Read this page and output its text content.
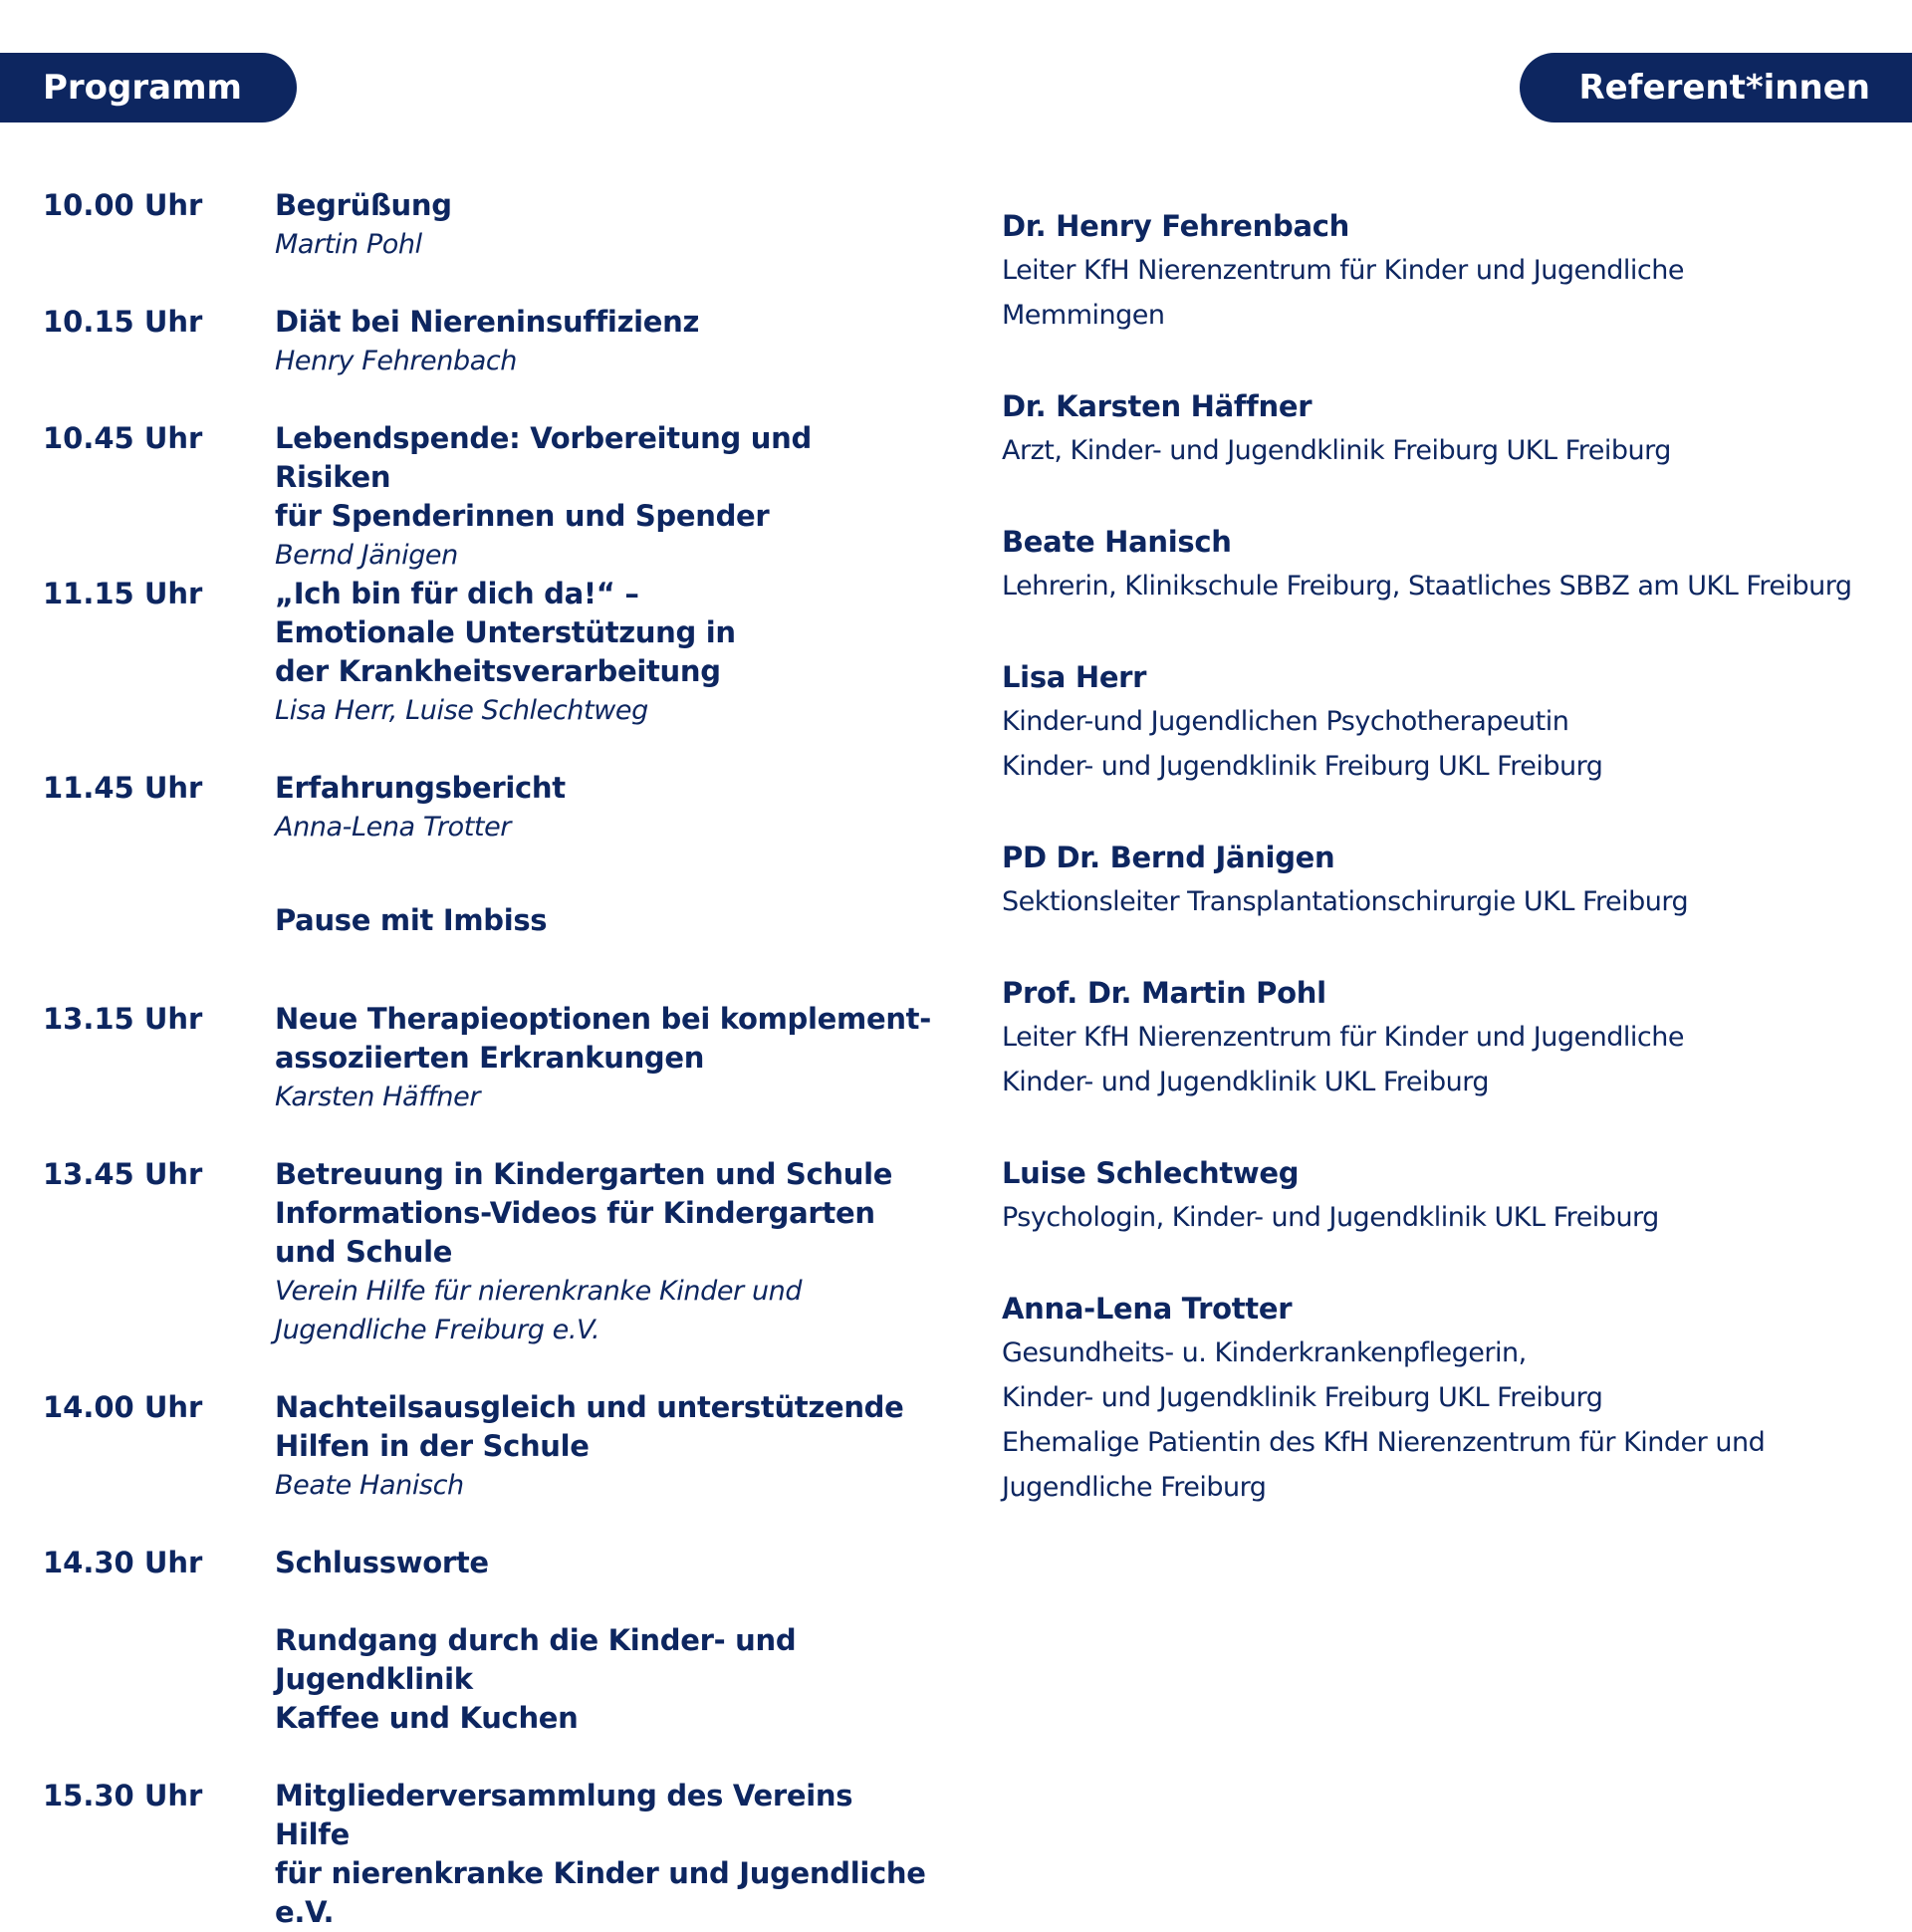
Programm	Referent*innen
10.00 Uhr	Begrüßung
Martin Pohl
10.15 Uhr	Diät bei Niereninsuffizienz
Henry Fehrenbach
10.45 Uhr	Lebendspende: Vorbereitung und Risiken
für Spenderinnen und Spender
Bernd Jänigen
11.15 Uhr	„Ich bin für dich da!“ –
Emotionale Unterstützung in
der Krankheitsverarbeitung
Lisa Herr, Luise Schlechtweg
11.45 Uhr	Erfahrungsbericht
Anna-Lena Trotter
Pause mit Imbiss
13.15 Uhr	Neue Therapieoptionen bei komplement-
assoziierten Erkrankungen
Karsten Häffner
13.45 Uhr	Betreuung in Kindergarten und Schule
Informations-Videos für Kindergarten
und Schule
Verein Hilfe für nierenkranke Kinder und
Jugendliche Freiburg e.V.
14.00 Uhr	Nachteilsausgleich und unterstützende
Hilfen in der Schule
Beate Hanisch
14.30 Uhr	Schlussworte
Rundgang durch die Kinder- und Jugendklinik
Kaffee und Kuchen
15.30 Uhr	Mitgliederversammlung des Vereins Hilfe
für nierenkranke Kinder und Jugendliche e.V.
Dr. Henry Fehrenbach
Leiter KfH Nierenzentrum für Kinder und Jugendliche
Memmingen
Dr. Karsten Häffner
Arzt, Kinder- und Jugendklinik Freiburg UKL Freiburg
Beate Hanisch
Lehrerin, Klinikschule Freiburg, Staatliches SBBZ am UKL Freiburg
Lisa Herr
Kinder-und Jugendlichen Psychotherapeutin
Kinder- und Jugendklinik Freiburg UKL Freiburg
PD Dr. Bernd Jänigen
Sektionsleiter Transplantationschirurgie UKL Freiburg
Prof. Dr. Martin Pohl
Leiter KfH Nierenzentrum für Kinder und Jugendliche
Kinder- und Jugendklinik UKL Freiburg
Luise Schlechtweg
Psychologin, Kinder- und Jugendklinik UKL Freiburg
Anna-Lena Trotter
Gesundheits- u. Kinderkrankenpflegerin,
Kinder- und Jugendklinik Freiburg UKL Freiburg
Ehemalige Patientin des KfH Nierenzentrum für Kinder und
Jugendliche Freiburg
